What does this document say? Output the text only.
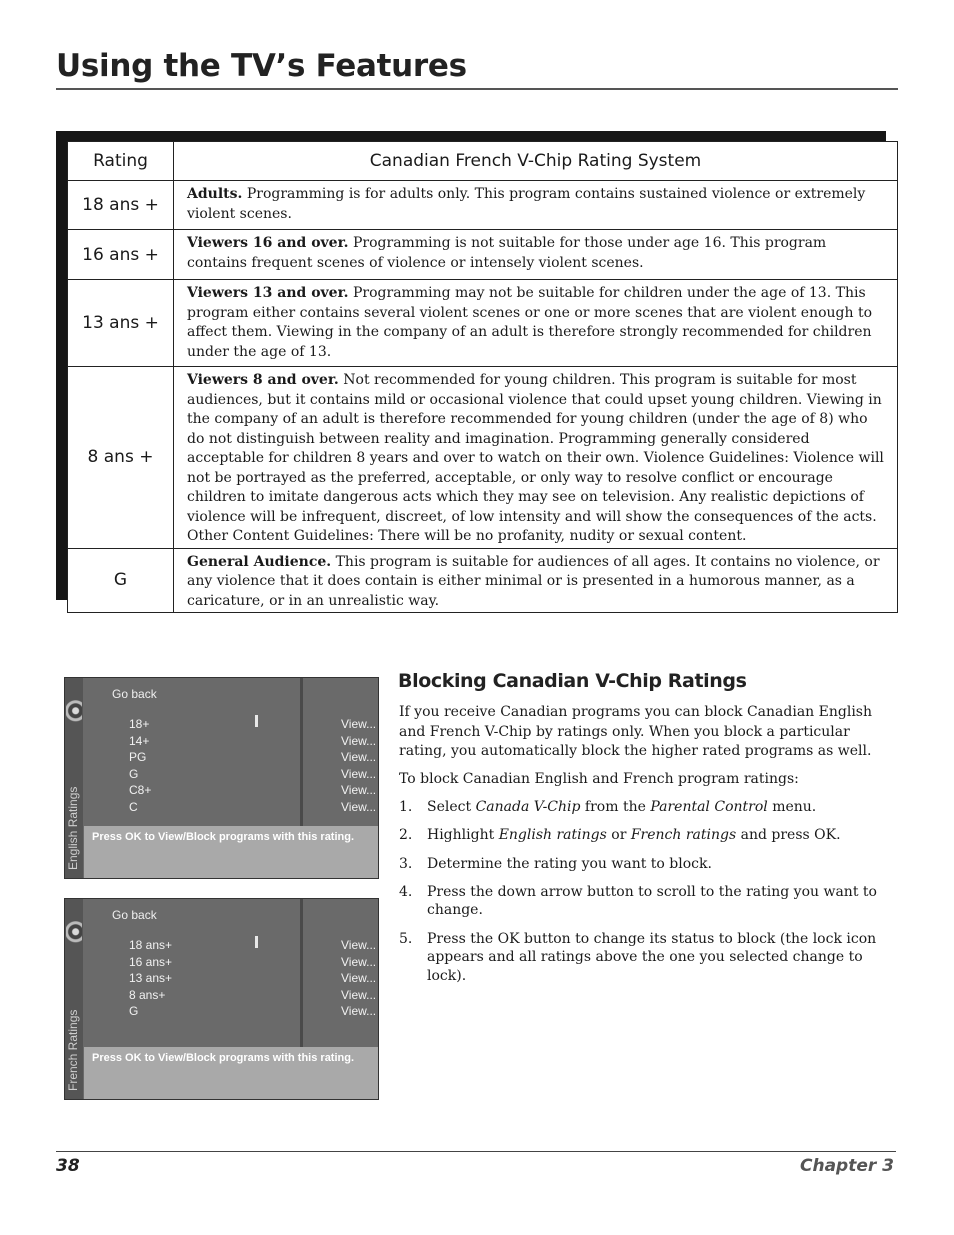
Using the TV’s Features
Rating	Canadian French V-Chip Rating System
18 ans +	Adults. Programming is for adults only. This program contains sustained violence or extremely violent scenes.
16 ans +	Viewers 16 and over. Programming is not suitable for those under age 16. This program contains frequent scenes of violence or intensely violent scenes.
13 ans +	Viewers 13 and over. Programming may not be suitable for children under the age of 13. This program either contains several violent scenes or one or more scenes that are violent enough to affect them. Viewing in the company of an adult is therefore strongly recommended for children under the age of 13.
8 ans +	Viewers 8 and over. Not recommended for young children. This program is suitable for most audiences, but it contains mild or occasional violence that could upset young children. Viewing in the company of an adult is therefore recommended for young children (under the age of 8) who do not distinguish between reality and imagination. Programming generally considered acceptable for children 8 years and over to watch on their own. Violence Guidelines: Violence will not be portrayed as the preferred, acceptable, or only way to resolve conflict or encourage children to imitate dangerous acts which they may see on television. Any realistic depictions of violence will be infrequent, discreet, of low intensity and will show the consequences of the acts. Other Content Guidelines: There will be no profanity, nudity or sexual content.
G	General Audience. This program is suitable for audiences of all ages. It contains no violence, or any violence that it does contain is either minimal or is presented in a humorous manner, as a caricature, or in an unrealistic way.
English Ratings
Go back
18+
14+
PG
G
C8+
C
View...
View...
View...
View...
View...
View...
Press OK to View/Block programs with this rating.
French Ratings
Go back
18 ans+
16 ans+
13 ans+
8 ans+
G
View...
View...
View...
View...
View...
Press OK to View/Block programs with this rating.
Blocking Canadian V-Chip Ratings

If you receive Canadian programs you can block Canadian English and French V-Chip by ratings only. When you block a particular rating, you automatically block the higher rated programs as well.

To block Canadian English and French program ratings:

1. Select Canada V-Chip from the Parental Control menu.
2. Highlight English ratings or French ratings and press OK.
3. Determine the rating you want to block.
4. Press the down arrow button to scroll to the rating you want to change.
5. Press the OK button to change its status to block (the lock icon appears and all ratings above the one you selected change to lock).
38	Chapter 3
